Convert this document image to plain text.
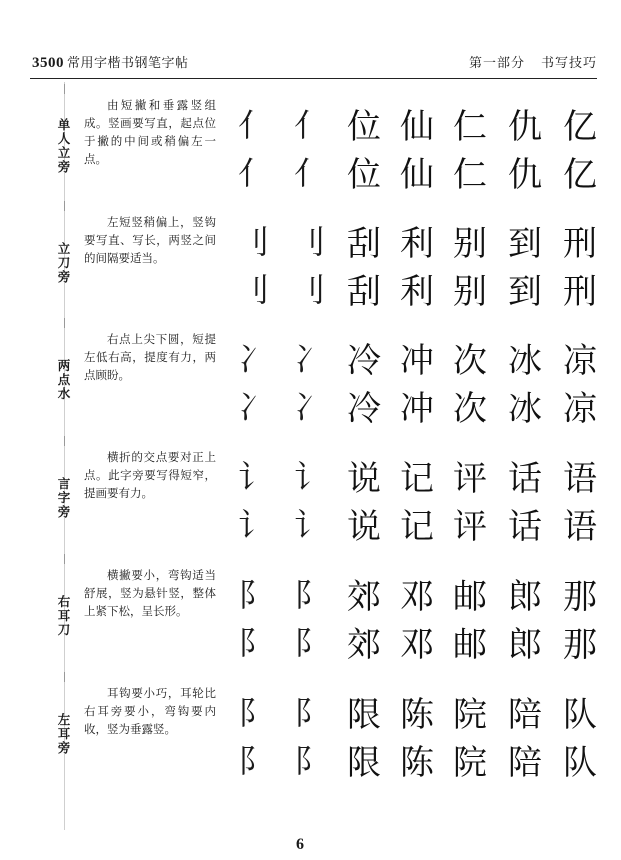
3500 常用字楷书钢笔字帖	第一部分 书写技巧
单人立旁
由短撇和垂露竖组成。竖画要写直，起点位于撇的中间或稍偏左一点。
亻 亻 位 仙 仁 仇 亿
亻 亻 位 仙 仁 仇 亿
立刀旁
左短竖稍偏上，竖钩要写直、写长，两竖之间的间隔要适当。	刂 刂 刮 利 别 到 刑
刂 刂 刮 利 别 到 刑
两点水
右点上尖下圆，短提左低右高，提度有力，两点顾盼。	冫 冫 冷 冲 次 冰 凉
冫 冫 冷 冲 次 冰 凉
言字旁
横折的交点要对正上点。此字旁要写得短窄，提画要有力。	讠 讠 说 记 评 话 语
讠 讠 说 记 评 话 语
右耳刀
横撇要小，弯钩适当舒展，竖为悬针竖，整体上紧下松，呈长形。	阝 阝 郊 邓 邮 郎 那
阝 阝 郊 邓 邮 郎 那
左耳旁
耳钩要小巧，耳轮比右耳旁要小，弯钩要内收，竖为垂露竖。	阝 阝 限 陈 院 陪 队
阝 阝 限 陈 院 陪 队
6
